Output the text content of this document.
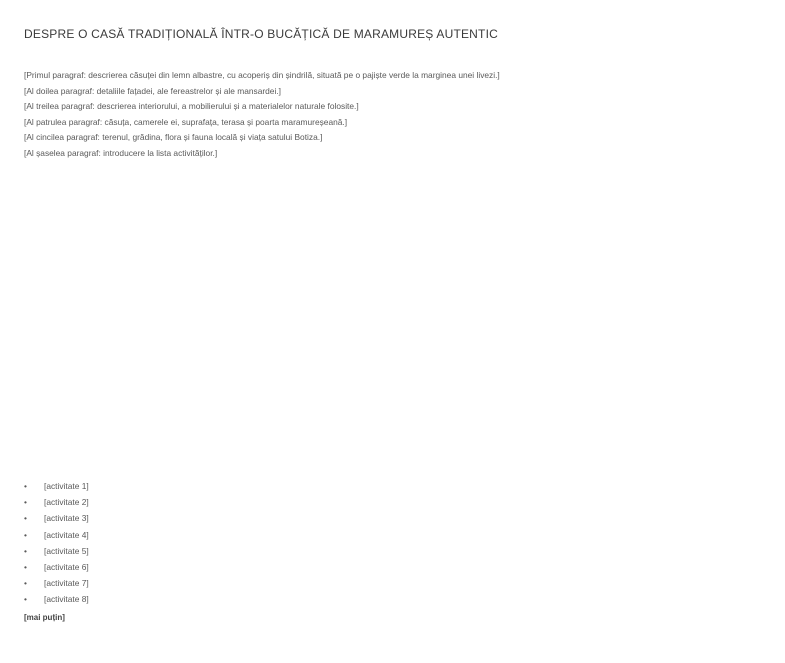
DESPRE O CASĂ TRADIȚIONALĂ ÎNTR-O BUCĂȚICĂ DE MARAMUREȘ AUTENTIC

[Primul paragraf: descrierea căsuței din lemn albastre, cu acoperiș din șindrilă, situată pe o pajiște verde la marginea unei livezi.]

[Al doilea paragraf: detaliile fațadei, ale fereastrelor și ale mansardei.]

[Al treilea paragraf: descrierea interiorului, a mobilierului și a materialelor naturale folosite.]

[Al patrulea paragraf: căsuța, camerele ei, suprafața, terasa și poarta maramureșeană.]

[Al cincilea paragraf: terenul, grădina, flora și fauna locală și viața satului Botiza.]

[Al șaselea paragraf: introducere la lista activităților.]

• [activitate 1]
• [activitate 2]
• [activitate 3]
• [activitate 4]
• [activitate 5]
• [activitate 6]
• [activitate 7]
• [activitate 8]
[mai puțin]
